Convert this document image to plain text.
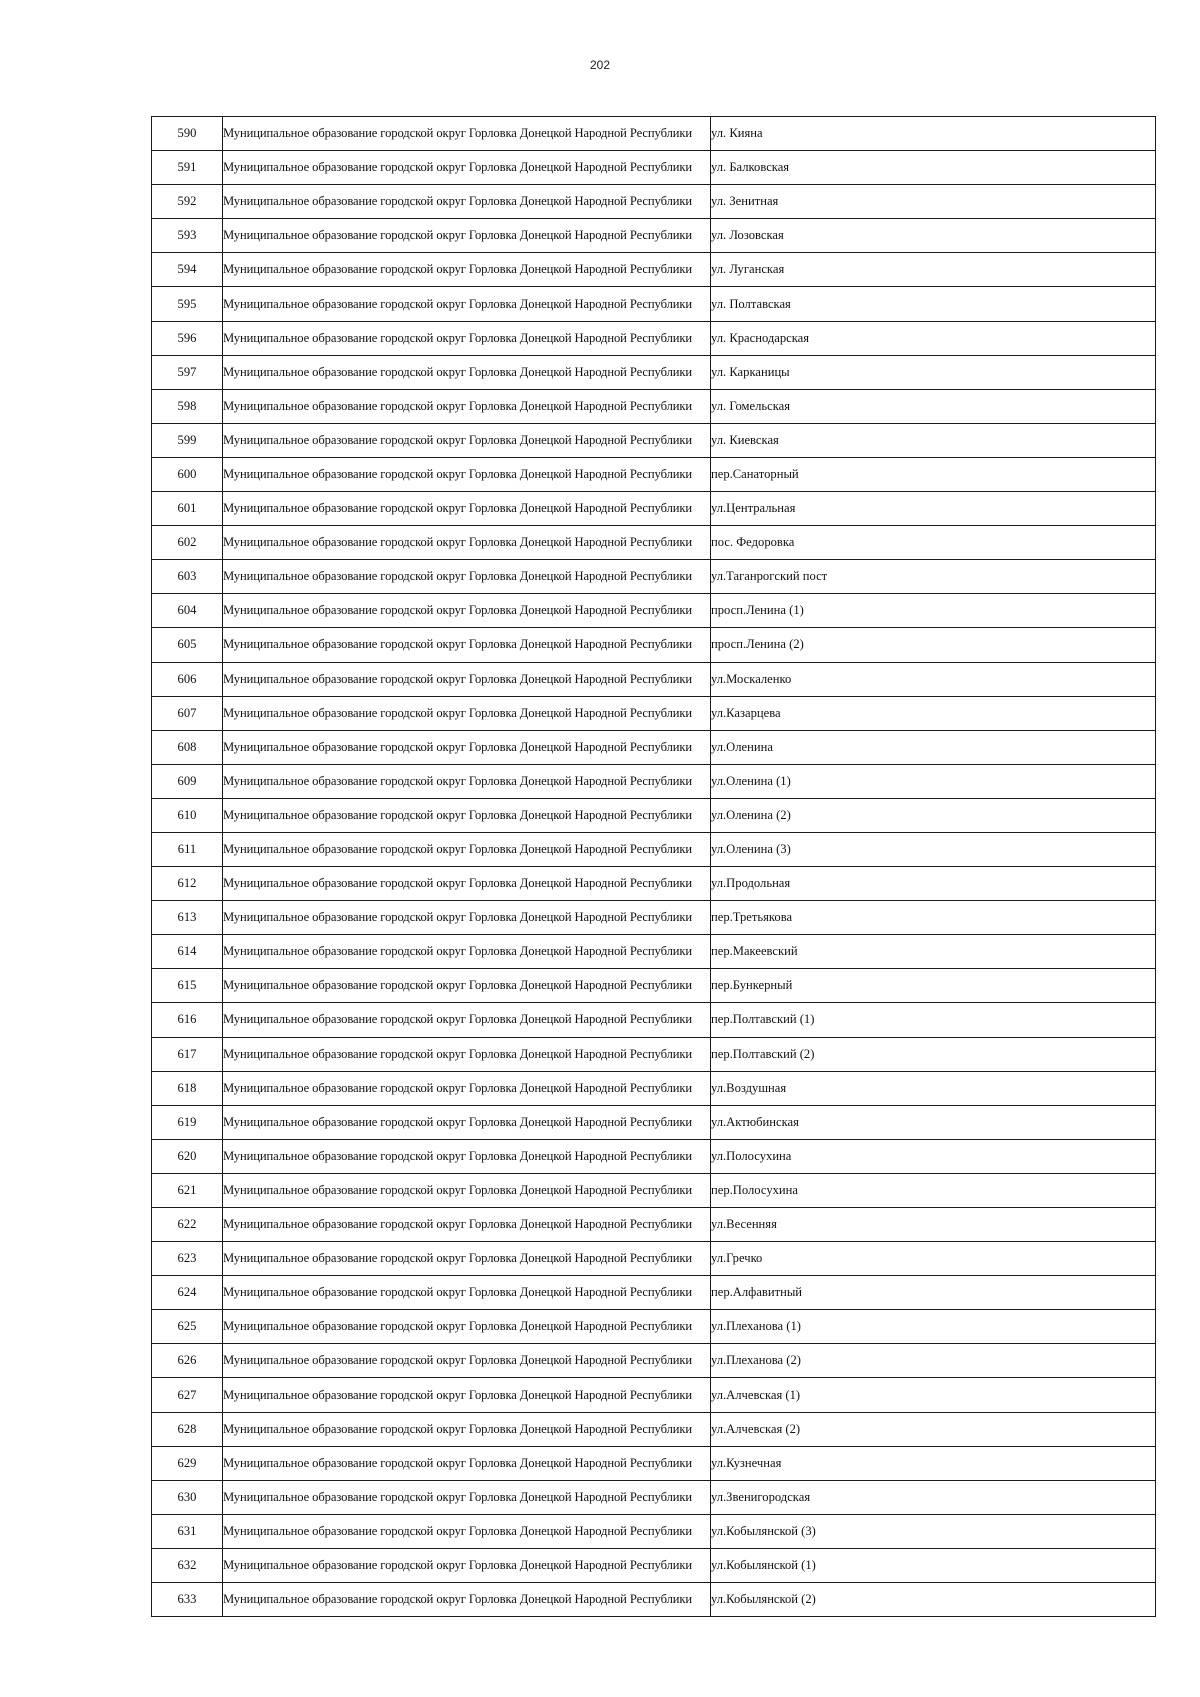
202
590	Муниципальное образование городской округ Горловка Донецкой Народной Республики	ул. Кияна
591	Муниципальное образование городской округ Горловка Донецкой Народной Республики	ул. Балковская
592	Муниципальное образование городской округ Горловка Донецкой Народной Республики	ул. Зенитная
593	Муниципальное образование городской округ Горловка Донецкой Народной Республики	ул. Лозовская
594	Муниципальное образование городской округ Горловка Донецкой Народной Республики	ул. Луганская
595	Муниципальное образование городской округ Горловка Донецкой Народной Республики	ул. Полтавская
596	Муниципальное образование городской округ Горловка Донецкой Народной Республики	ул. Краснодарская
597	Муниципальное образование городской округ Горловка Донецкой Народной Республики	ул. Карканицы
598	Муниципальное образование городской округ Горловка Донецкой Народной Республики	ул. Гомельская
599	Муниципальное образование городской округ Горловка Донецкой Народной Республики	ул. Киевская
600	Муниципальное образование городской округ Горловка Донецкой Народной Республики	пер.Санаторный
601	Муниципальное образование городской округ Горловка Донецкой Народной Республики	ул.Центральная
602	Муниципальное образование городской округ Горловка Донецкой Народной Республики	пос. Федоровка
603	Муниципальное образование городской округ Горловка Донецкой Народной Республики	ул.Таганрогский пост
604	Муниципальное образование городской округ Горловка Донецкой Народной Республики	просп.Ленина (1)
605	Муниципальное образование городской округ Горловка Донецкой Народной Республики	просп.Ленина (2)
606	Муниципальное образование городской округ Горловка Донецкой Народной Республики	ул.Москаленко
607	Муниципальное образование городской округ Горловка Донецкой Народной Республики	ул.Казарцева
608	Муниципальное образование городской округ Горловка Донецкой Народной Республики	ул.Оленина
609	Муниципальное образование городской округ Горловка Донецкой Народной Республики	ул.Оленина (1)
610	Муниципальное образование городской округ Горловка Донецкой Народной Республики	ул.Оленина (2)
611	Муниципальное образование городской округ Горловка Донецкой Народной Республики	ул.Оленина (3)
612	Муниципальное образование городской округ Горловка Донецкой Народной Республики	ул.Продольная
613	Муниципальное образование городской округ Горловка Донецкой Народной Республики	пер.Третьякова
614	Муниципальное образование городской округ Горловка Донецкой Народной Республики	пер.Макеевский
615	Муниципальное образование городской округ Горловка Донецкой Народной Республики	пер.Бункерный
616	Муниципальное образование городской округ Горловка Донецкой Народной Республики	пер.Полтавский (1)
617	Муниципальное образование городской округ Горловка Донецкой Народной Республики	пер.Полтавский (2)
618	Муниципальное образование городской округ Горловка Донецкой Народной Республики	ул.Воздушная
619	Муниципальное образование городской округ Горловка Донецкой Народной Республики	ул.Актюбинская
620	Муниципальное образование городской округ Горловка Донецкой Народной Республики	ул.Полосухина
621	Муниципальное образование городской округ Горловка Донецкой Народной Республики	пер.Полосухина
622	Муниципальное образование городской округ Горловка Донецкой Народной Республики	ул.Весенняя
623	Муниципальное образование городской округ Горловка Донецкой Народной Республики	ул.Гречко
624	Муниципальное образование городской округ Горловка Донецкой Народной Республики	пер.Алфавитный
625	Муниципальное образование городской округ Горловка Донецкой Народной Республики	ул.Плеханова (1)
626	Муниципальное образование городской округ Горловка Донецкой Народной Республики	ул.Плеханова (2)
627	Муниципальное образование городской округ Горловка Донецкой Народной Республики	ул.Алчевская (1)
628	Муниципальное образование городской округ Горловка Донецкой Народной Республики	ул.Алчевская (2)
629	Муниципальное образование городской округ Горловка Донецкой Народной Республики	ул.Кузнечная
630	Муниципальное образование городской округ Горловка Донецкой Народной Республики	ул.Звенигородская
631	Муниципальное образование городской округ Горловка Донецкой Народной Республики	ул.Кобылянской (3)
632	Муниципальное образование городской округ Горловка Донецкой Народной Республики	ул.Кобылянской (1)
633	Муниципальное образование городской округ Горловка Донецкой Народной Республики	ул.Кобылянской (2)
